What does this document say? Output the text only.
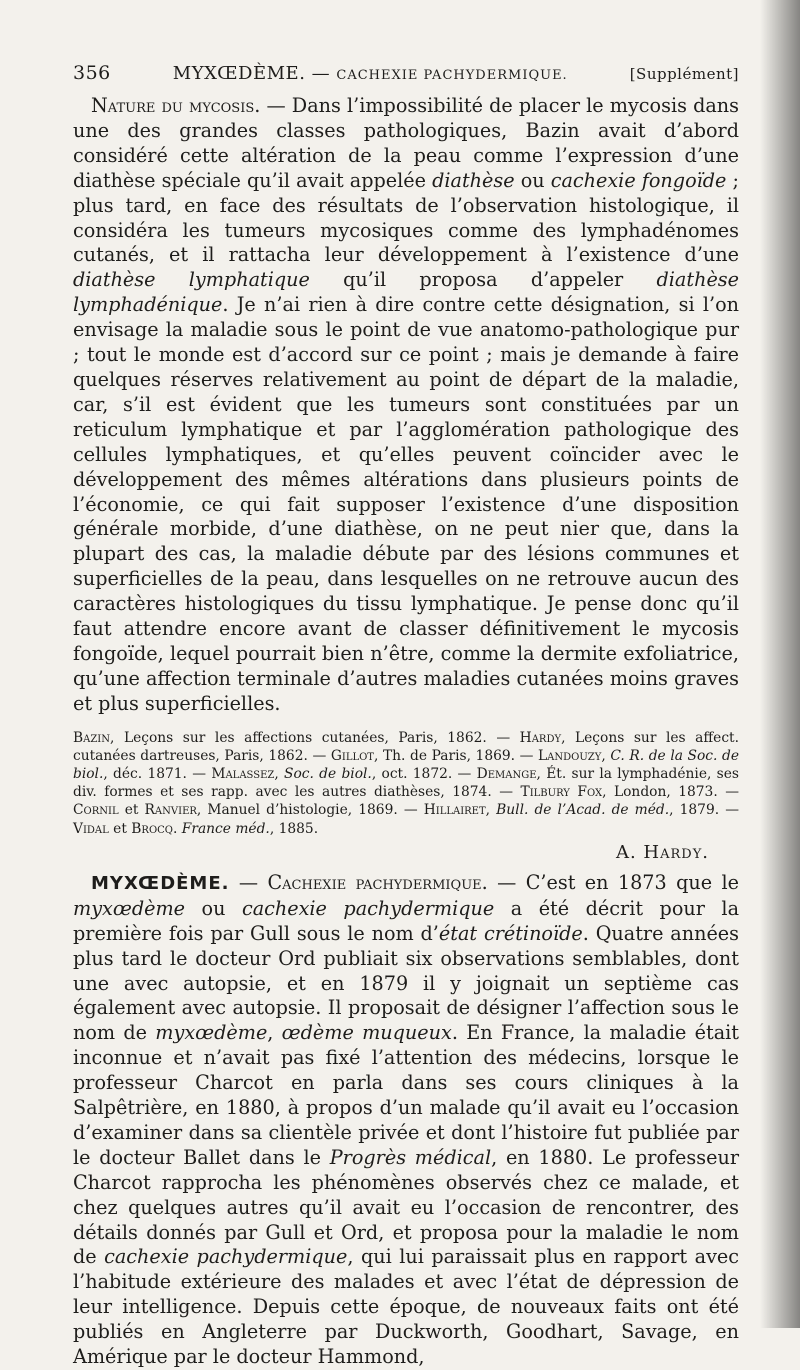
356	MYXŒDÈME. — CACHEXIE PACHYDERMIQUE.	[Supplément]

Nature du mycosis. — Dans l’impossibilité de placer le mycosis dans une des grandes classes pathologiques, Bazin avait d’abord considéré cette altération de la peau comme l’expression d’une diathèse spéciale qu’il avait appelée diathèse ou cachexie fongoïde ; plus tard, en face des résultats de l’observation histologique, il considéra les tumeurs mycosiques comme des lymphadénomes cutanés, et il rattacha leur développement à l’existence d’une diathèse lymphatique qu’il proposa d’appeler diathèse lymphadénique. Je n’ai rien à dire contre cette désignation, si l’on envisage la maladie sous le point de vue anatomo-pathologique pur ; tout le monde est d’accord sur ce point ; mais je demande à faire quelques réserves relativement au point de départ de la maladie, car, s’il est évident que les tumeurs sont constituées par un reticulum lymphatique et par l’agglomération pathologique des cellules lymphatiques, et qu’elles peuvent coïncider avec le développement des mêmes altérations dans plusieurs points de l’économie, ce qui fait supposer l’existence d’une disposition générale morbide, d’une diathèse, on ne peut nier que, dans la plupart des cas, la maladie débute par des lésions communes et superficielles de la peau, dans lesquelles on ne retrouve aucun des caractères histologiques du tissu lymphatique. Je pense donc qu’il faut attendre encore avant de classer définitivement le mycosis fongoïde, lequel pourrait bien n’être, comme la dermite exfoliatrice, qu’une affection terminale d’autres maladies cutanées moins graves et plus superficielles.

Bazin, Leçons sur les affections cutanées, Paris, 1862. — Hardy, Leçons sur les affect. cutanées dartreuses, Paris, 1862. — Gillot, Th. de Paris, 1869. — Landouzy, C. R. de la Soc. de biol., déc. 1871. — Malassez, Soc. de biol., oct. 1872. — Demange, Ét. sur la lymphadénie, ses div. formes et ses rapp. avec les autres diathèses, 1874. — Tilbury Fox, London, 1873. — Cornil et Ranvier, Manuel d’histologie, 1869. — Hillairet, Bull. de l’Acad. de méd., 1879. — Vidal et Brocq. France méd., 1885.

A. Hardy.

MYXŒDÈME. — Cachexie pachydermique. — C’est en 1873 que le myxœdème ou cachexie pachydermique a été décrit pour la première fois par Gull sous le nom d’état crétinoïde. Quatre années plus tard le docteur Ord publiait six observations semblables, dont une avec autopsie, et en 1879 il y joignait un septième cas également avec autopsie. Il proposait de désigner l’affection sous le nom de myxœdème, œdème muqueux. En France, la maladie était inconnue et n’avait pas fixé l’attention des médecins, lorsque le professeur Charcot en parla dans ses cours cliniques à la Salpêtrière, en 1880, à propos d’un malade qu’il avait eu l’occasion d’examiner dans sa clientèle privée et dont l’histoire fut publiée par le docteur Ballet dans le Progrès médical, en 1880. Le professeur Charcot rapprocha les phénomènes observés chez ce malade, et chez quelques autres qu’il avait eu l’occasion de rencontrer, des détails donnés par Gull et Ord, et proposa pour la maladie le nom de cachexie pachydermique, qui lui paraissait plus en rapport avec l’habitude extérieure des malades et avec l’état de dépression de leur intelligence. Depuis cette époque, de nouveaux faits ont été publiés en Angleterre par Duckworth, Goodhart, Savage, en Amérique par le docteur Hammond,
